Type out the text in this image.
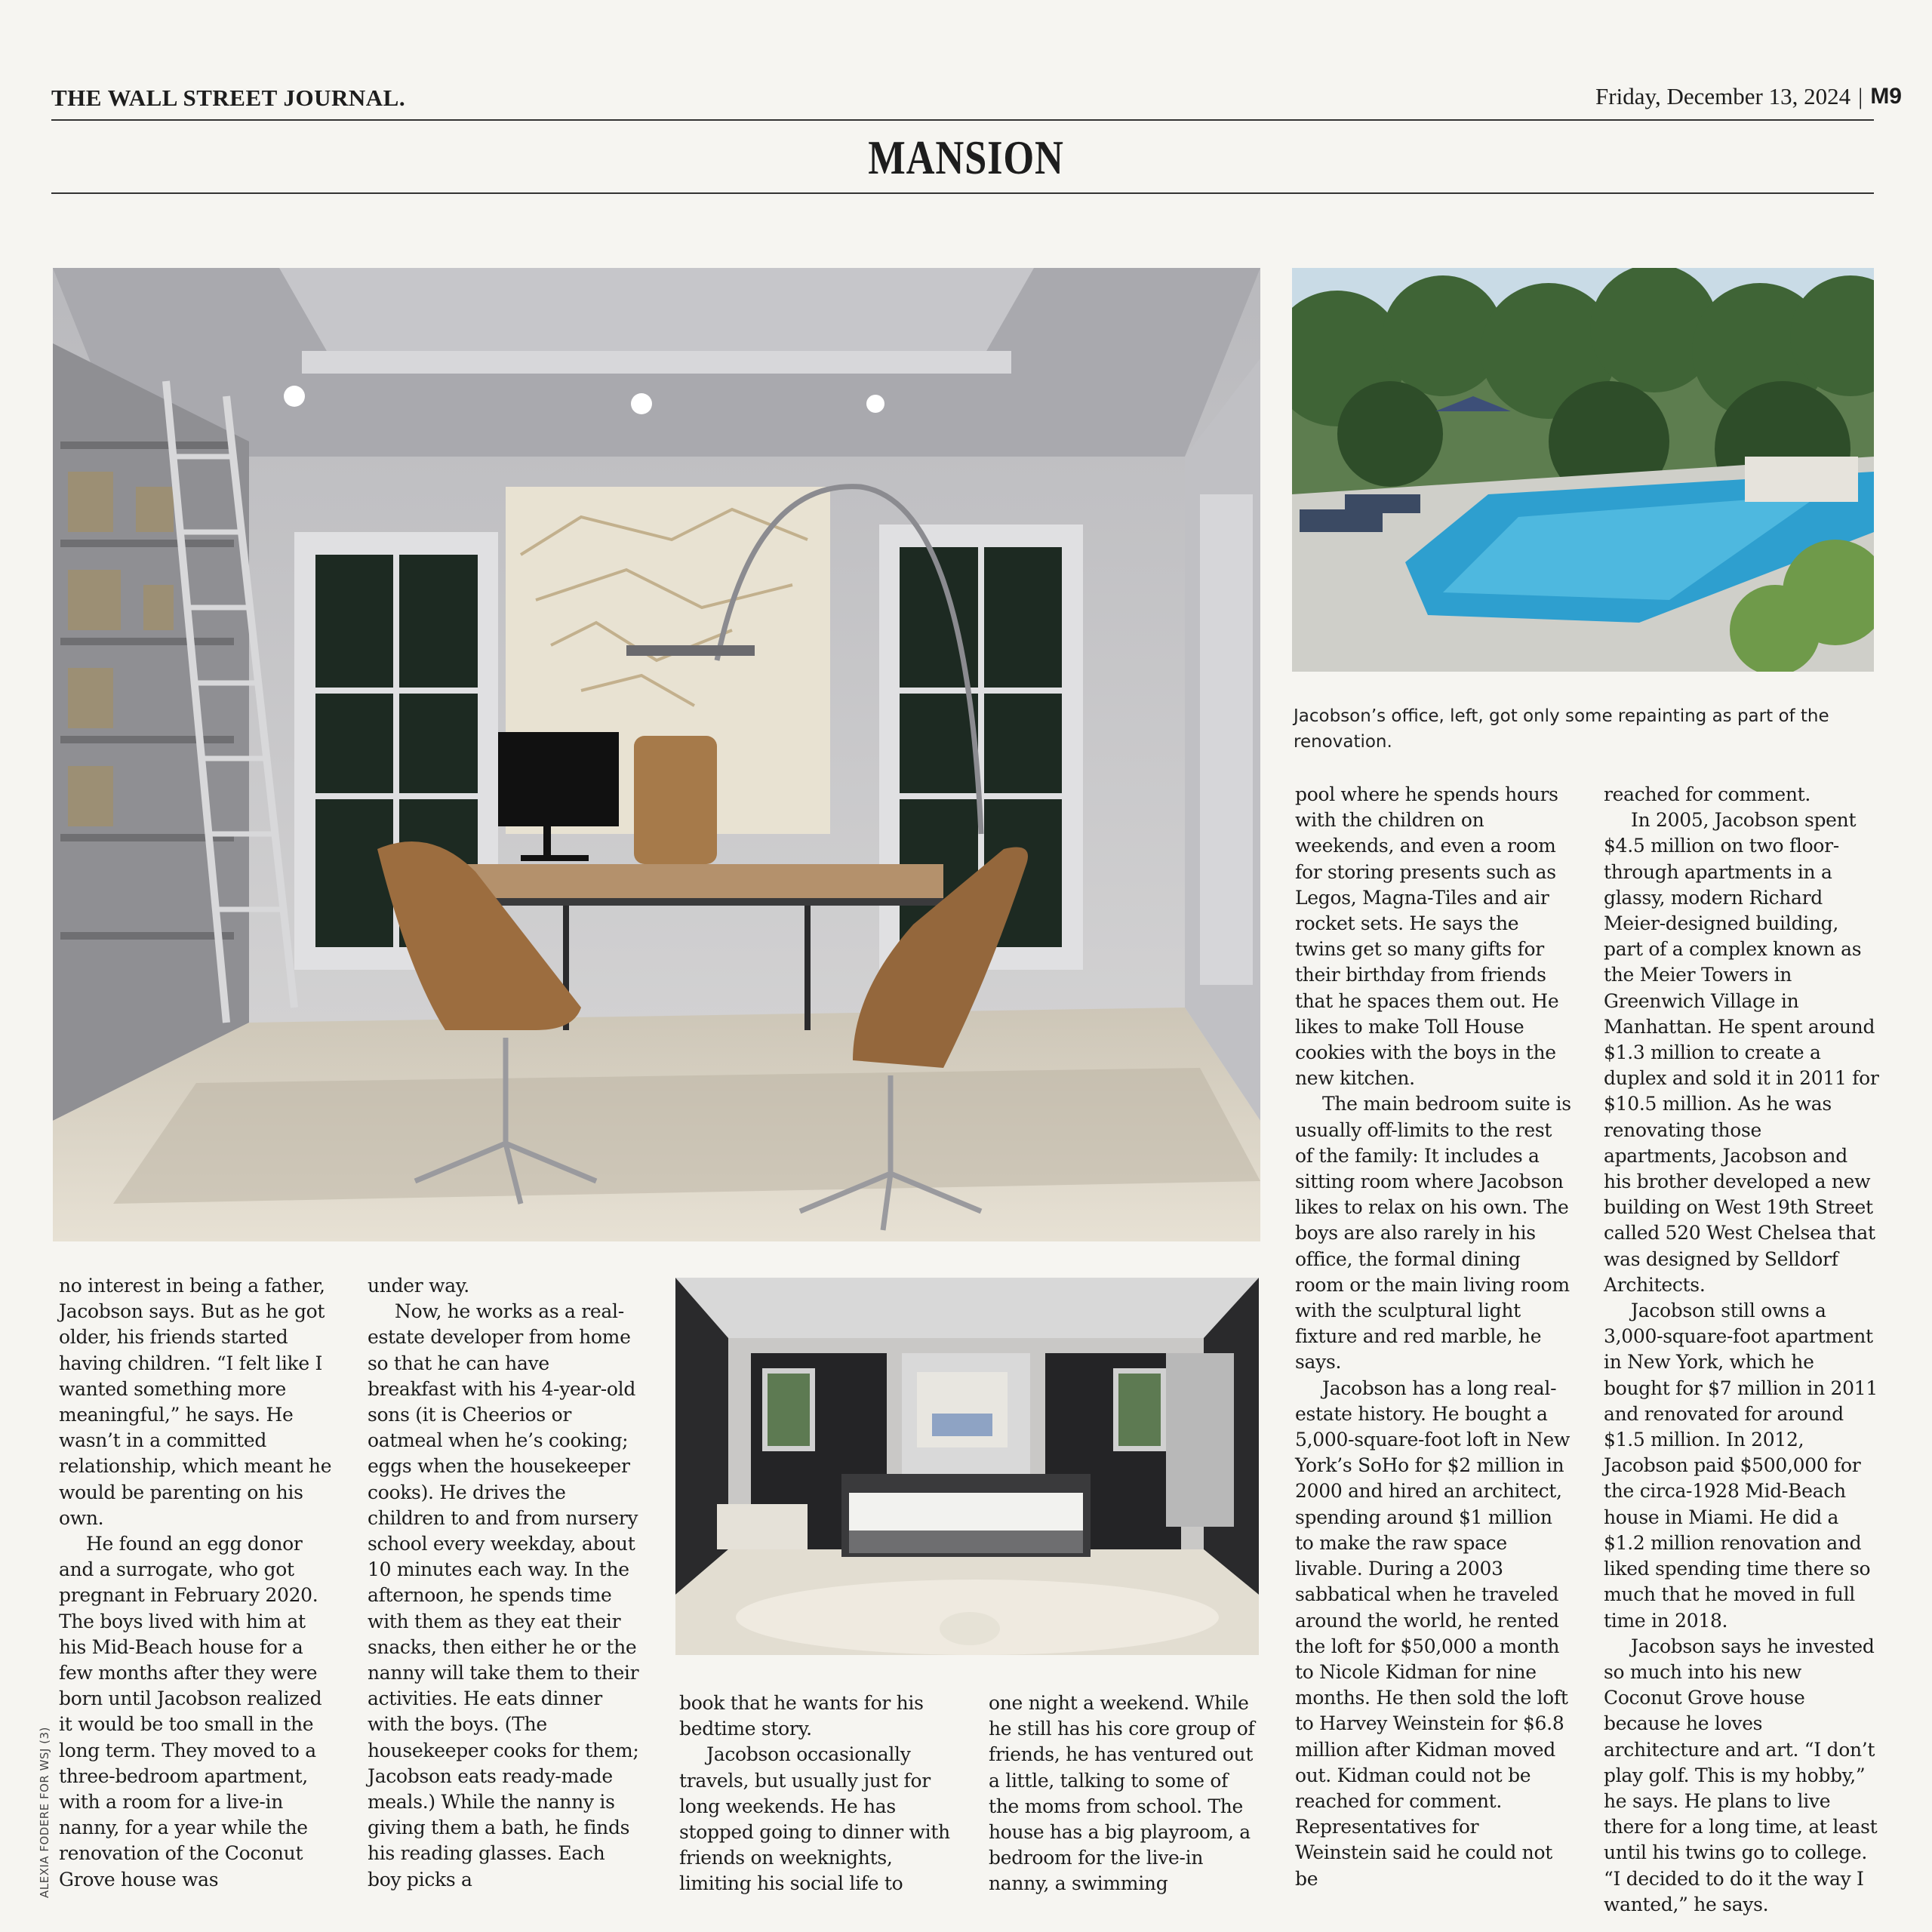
THE WALL STREET JOURNAL.	Friday, December 13, 2024 | M9
MANSION
Jacobson’s office, left, got only some repainting as part of the renovation.
ALEXIA FODERE FOR WSJ (3)

no interest in being a father, Jacobson says. But as he got older, his friends started having children. “I felt like I wanted something more meaningful,” he says. He wasn’t in a committed relationship, which meant he would be parenting on his own.

He found an egg donor and a surrogate, who got pregnant in February 2020. The boys lived with him at his Mid-Beach house for a few months after they were born until Jacobson realized it would be too small in the long term. They moved to a three-bedroom apartment, with a room for a live-in nanny, for a year while the renovation of the Coconut Grove house was

under way.

Now, he works as a real-estate developer from home so that he can have breakfast with his 4-year-old sons (it is Cheerios or oatmeal when he’s cooking; eggs when the housekeeper cooks). He drives the children to and from nursery school every weekday, about 10 minutes each way. In the afternoon, he spends time with them as they eat their snacks, then either he or the nanny will take them to their activities. He eats dinner with the boys. (The housekeeper cooks for them; Jacobson eats ready-made meals.) While the nanny is giving them a bath, he finds his reading glasses. Each boy picks a

book that he wants for his bedtime story.

Jacobson occasionally travels, but usually just for long weekends. He has stopped going to dinner with friends on weeknights, limiting his social life to

one night a weekend. While he still has his core group of friends, he has ventured out a little, talking to some of the moms from school. The house has a big playroom, a bedroom for the live-in nanny, a swimming

pool where he spends hours with the children on weekends, and even a room for storing presents such as Legos, Magna-Tiles and air rocket sets. He says the twins get so many gifts for their birthday from friends that he spaces them out. He likes to make Toll House cookies with the boys in the new kitchen.

The main bedroom suite is usually off-limits to the rest of the family: It includes a sitting room where Jacobson likes to relax on his own. The boys are also rarely in his office, the formal dining room or the main living room with the sculptural light fixture and red marble, he says.

Jacobson has a long real-estate history. He bought a 5,000-square-foot loft in New York’s SoHo for $2 million in 2000 and hired an architect, spending around $1 million to make the raw space livable. During a 2003 sabbatical when he traveled around the world, he rented the loft for $50,000 a month to Nicole Kidman for nine months. He then sold the loft to Harvey Weinstein for $6.8 million after Kidman moved out. Kidman could not be reached for comment. Representatives for Weinstein said he could not be

reached for comment.

In 2005, Jacobson spent $4.5 million on two floor-through apartments in a glassy, modern Richard Meier-designed building, part of a complex known as the Meier Towers in Greenwich Village in Manhattan. He spent around $1.3 million to create a duplex and sold it in 2011 for $10.5 million. As he was renovating those apartments, Jacobson and his brother developed a new building on West 19th Street called 520 West Chelsea that was designed by Selldorf Architects.

Jacobson still owns a 3,000-square-foot apartment in New York, which he bought for $7 million in 2011 and renovated for around $1.5 million. In 2012, Jacobson paid $500,000 for the circa-1928 Mid-Beach house in Miami. He did a $1.2 million renovation and liked spending time there so much that he moved in full time in 2018.

Jacobson says he invested so much into his new Coconut Grove house because he loves architecture and art. “I don’t play golf. This is my hobby,” he says. He plans to live there for a long time, at least until his twins go to college. “I decided to do it the way I wanted,” he says.
